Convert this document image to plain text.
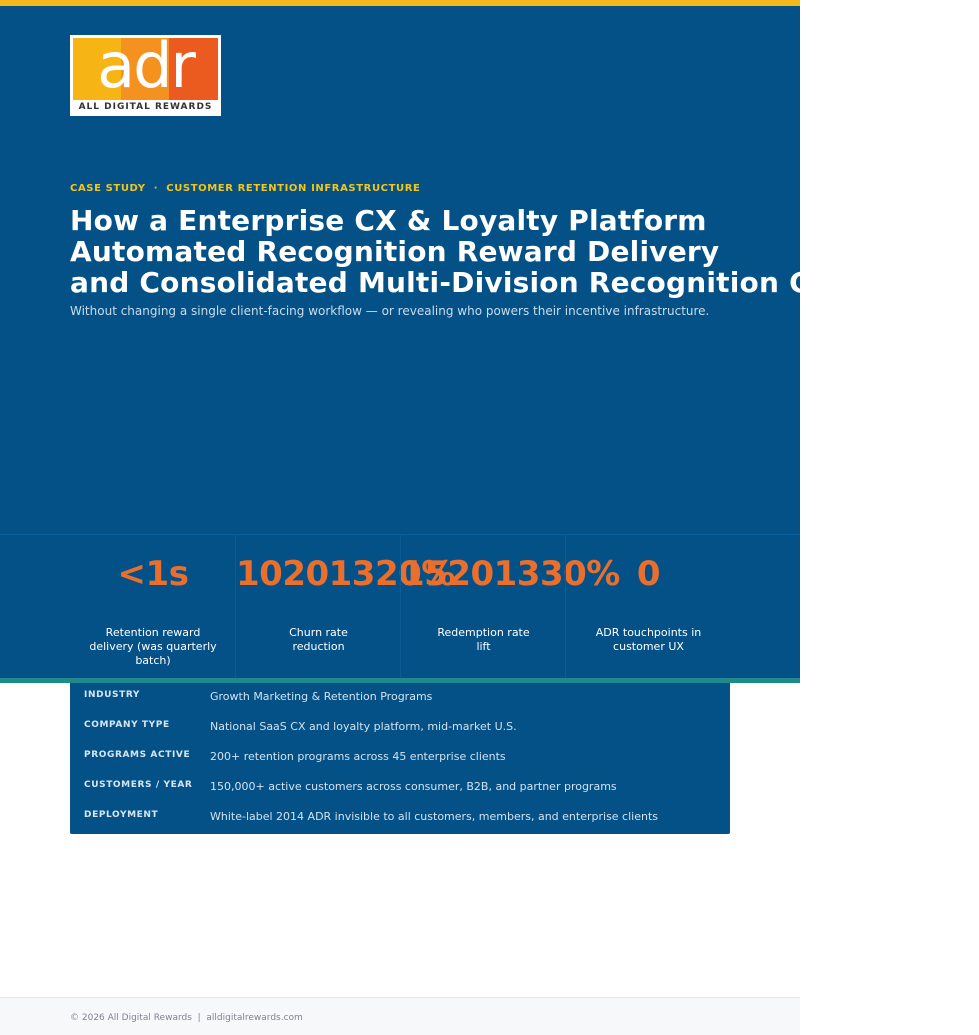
adr
ALL DIGITAL REWARDS
CASE STUDY  ·  CUSTOMER RETENTION INFRASTRUCTURE
How a Enterprise CX & Loyalty Platform
Automated Recognition Reward Delivery
and Consolidated Multi-Division Recognition Governance

Without changing a single client-facing workflow — or revealing who powers their incentive infrastructure.

<1s
Retention reward
delivery (was quarterly batch)
10201320%
Churn rate
reduction
15201330%
Redemption rate
lift
0
ADR touchpoints in
customer UX
INDUSTRY	Growth Marketing & Retention Programs
COMPANY TYPE	National SaaS CX and loyalty platform, mid-market U.S.
PROGRAMS ACTIVE 200+ retention programs across 45 enterprise clients
CUSTOMERS / YEAR 150,000+ active customers across consumer, B2B, and partner programs
DEPLOYMENT	White-label 2014 ADR invisible to all customers, members, and enterprise clients
© 2026 All Digital Rewards  |  alldigitalrewards.com
